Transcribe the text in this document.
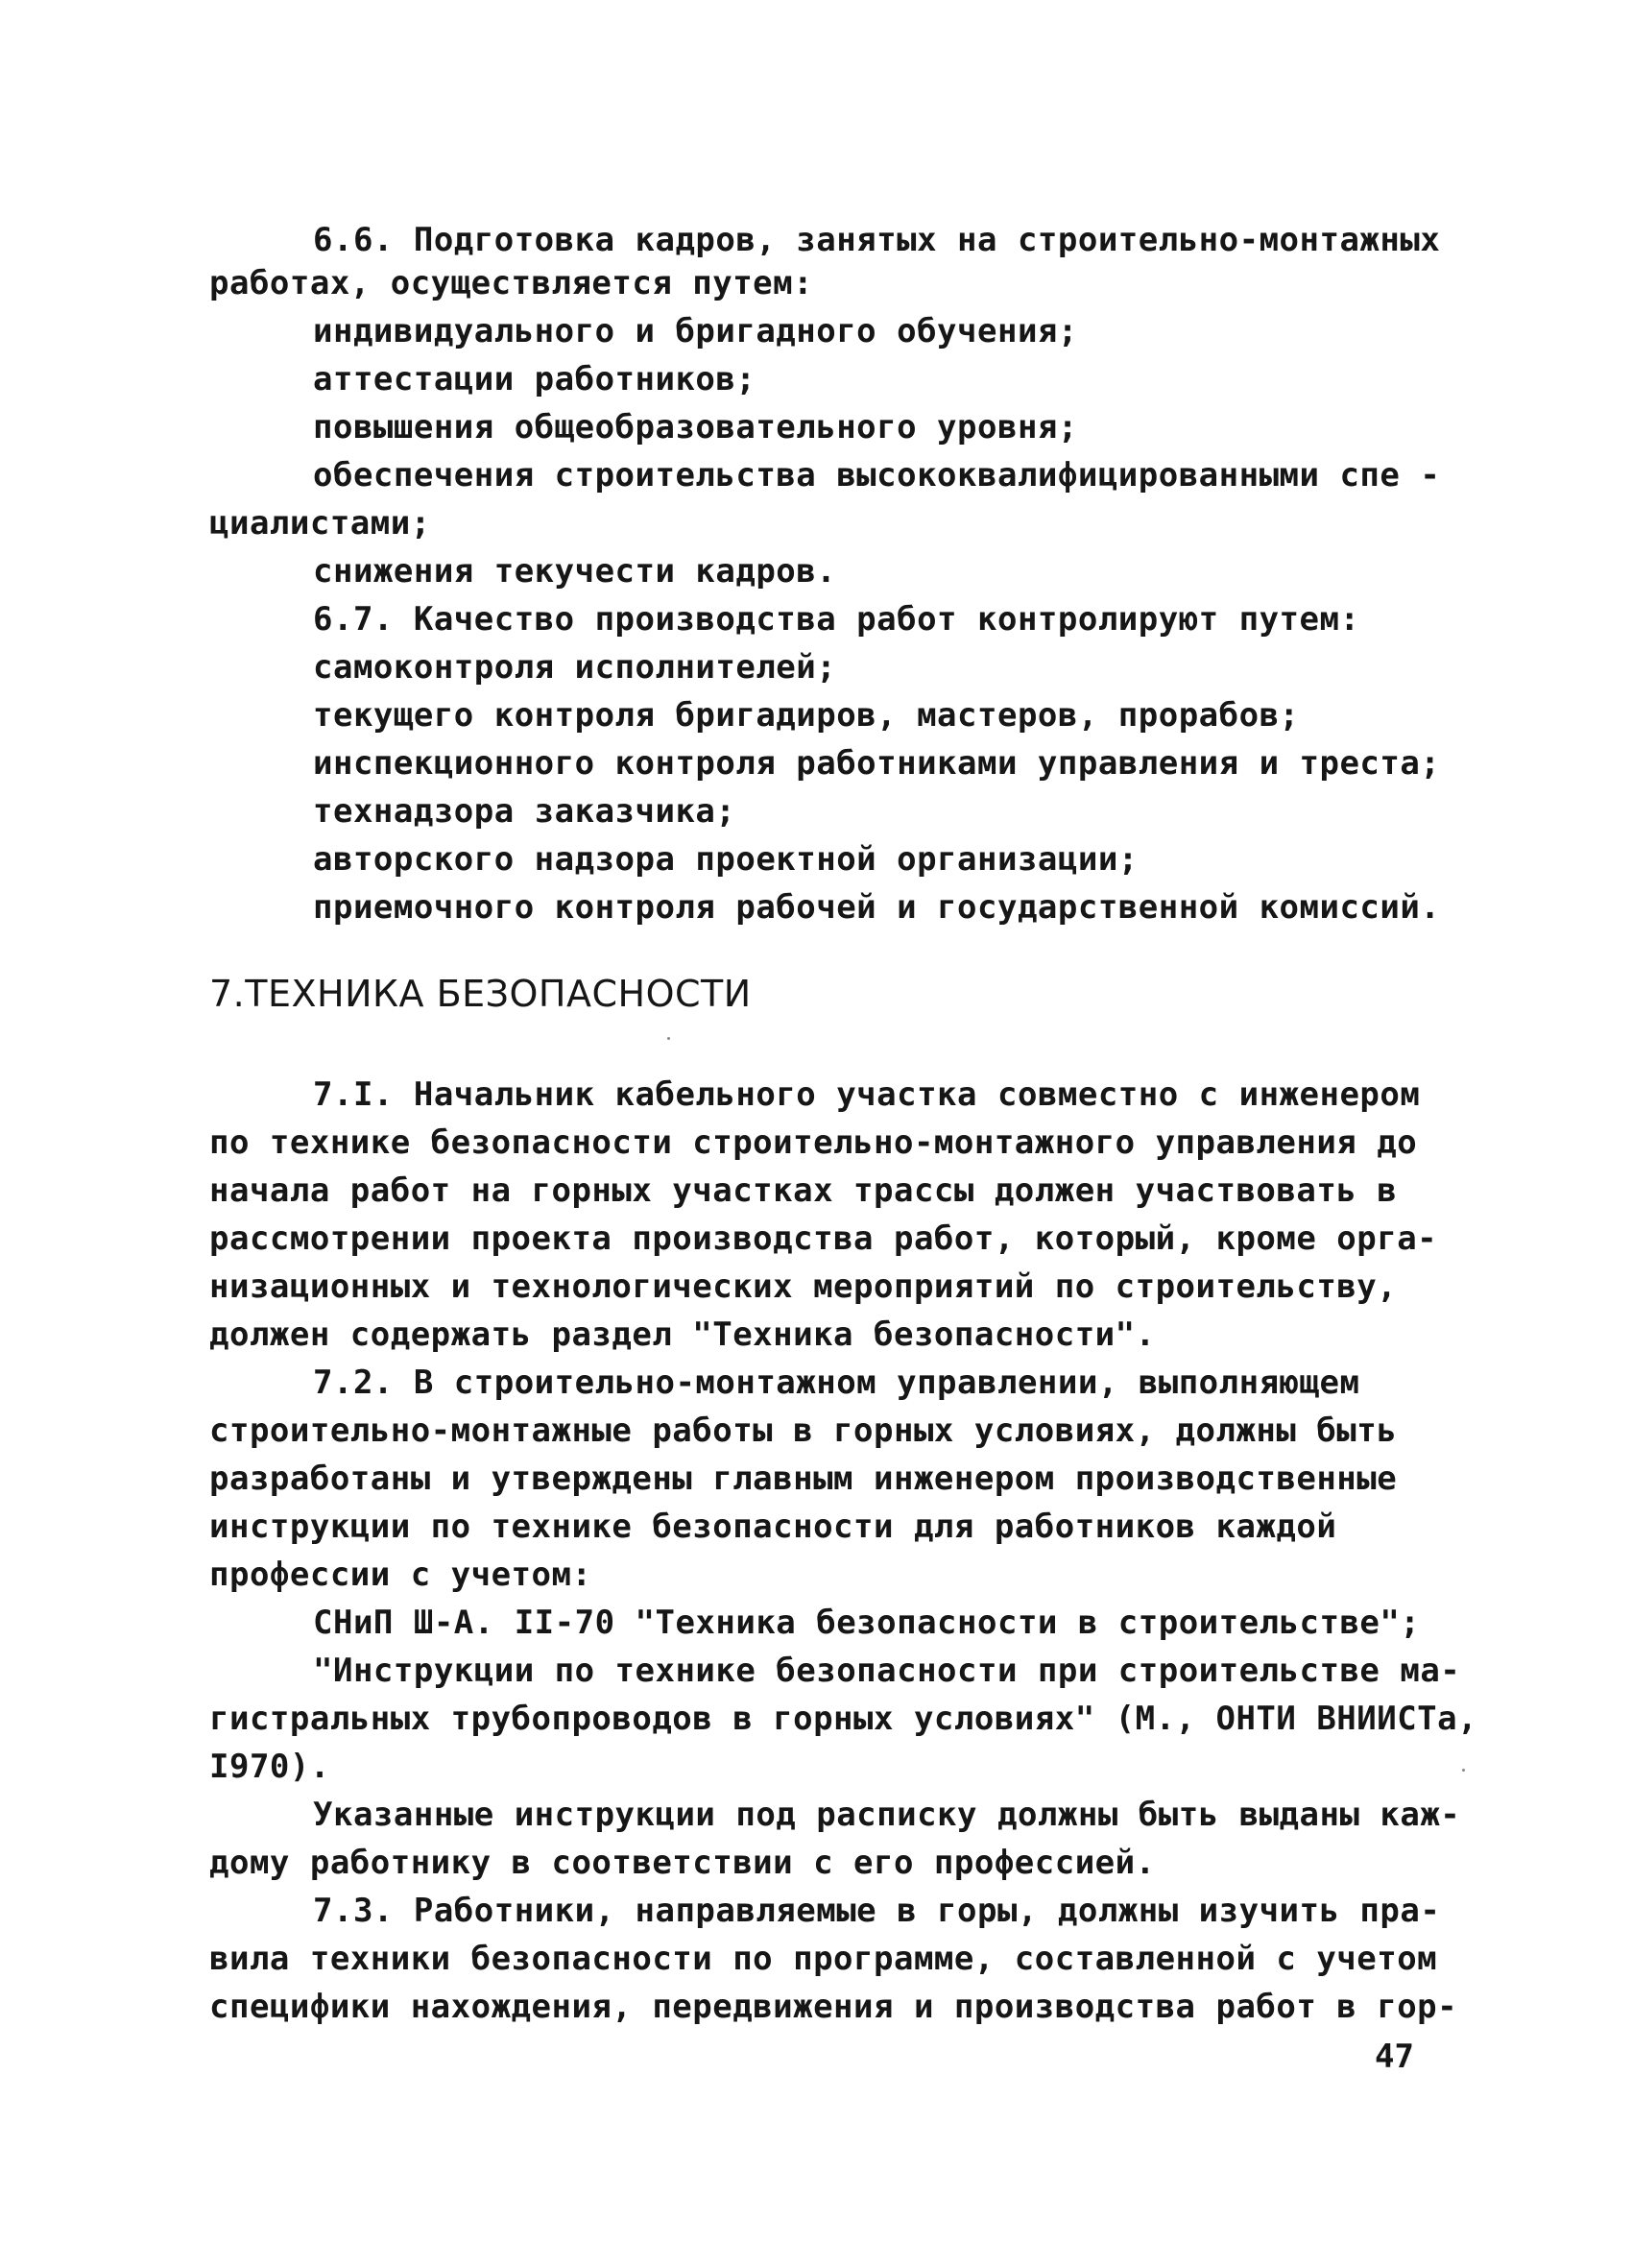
6.6. Подготовка кадров, занятых на строительно-монтажных
работах, осуществляется путем:
индивидуального и бригадного обучения;
аттестации работников;
повышения общеобразовательного уровня;
обеспечения строительства высококвалифицированными спе -
циалистами;
снижения текучести кадров.
6.7. Качество производства работ контролируют путем:
самоконтроля исполнителей;
текущего контроля бригадиров, мастеров, прорабов;
инспекционного контроля работниками управления и треста;
технадзора заказчика;
авторского надзора проектной организации;
приемочного контроля рабочей и государственной комиссий.
7.ТЕХНИКА БЕЗОПАСНОСТИ
7.I. Начальник кабельного участка совместно с инженером
по технике безопасности строительно-монтажного управления до
начала работ на горных участках трассы должен участвовать в
рассмотрении проекта производства работ, который, кроме орга-
низационных и технологических мероприятий по строительству,
должен содержать раздел "Техника безопасности".
7.2. В строительно-монтажном управлении, выполняющем
строительно-монтажные работы в горных условиях, должны быть
разработаны и утверждены главным инженером производственные
инструкции по технике безопасности для работников каждой
профессии с учетом:
СНиП Ш-А. II-70 "Техника безопасности в строительстве";
"Инструкции по технике безопасности при строительстве ма-
гистральных трубопроводов в горных условиях" (М., ОНТИ ВНИИСТа,
I970).
Указанные инструкции под расписку должны быть выданы каж-
дому работнику в соответствии с его профессией.
7.3. Работники, направляемые в горы, должны изучить пра-
вила техники безопасности по программе, составленной с учетом
специфики нахождения, передвижения и производства работ в гор-
47
